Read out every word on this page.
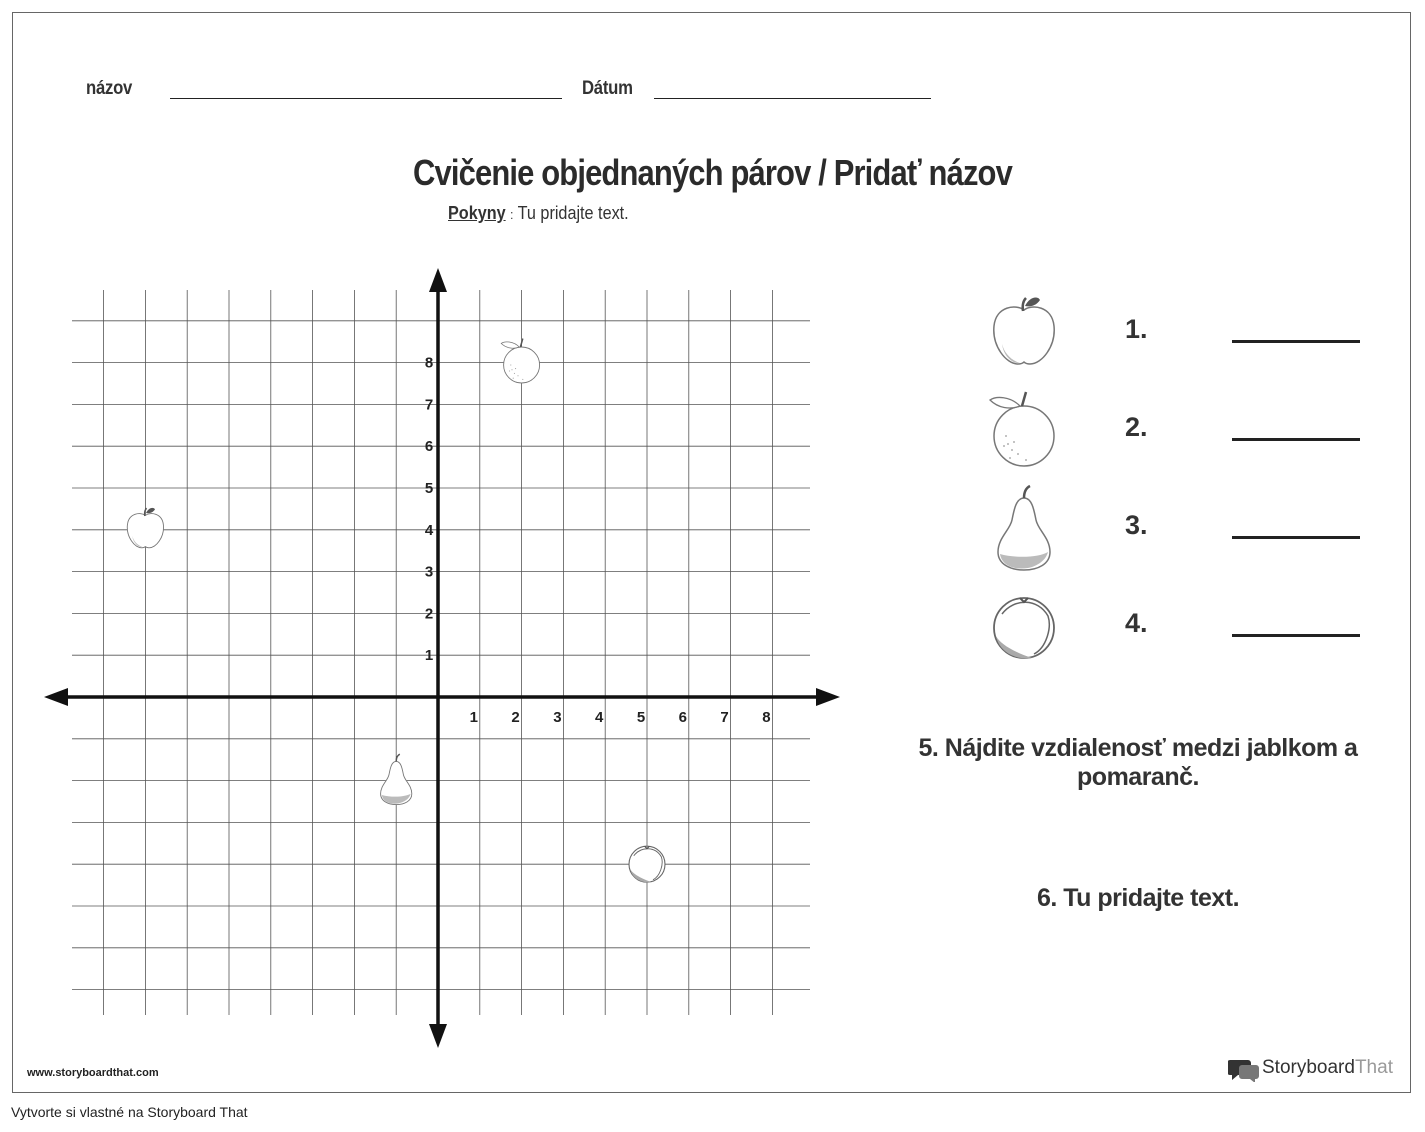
názov	Dátum
Cvičenie objednaných párov / Pridať názov
Pokyny : Tu pridajte text.
1 2 3 4 5 6 7 8
1
2
3
4
5
6
7
8
1.
2.
3.
4.
5. Nájdite vzdialenosť medzi jablkom a pomaranč.
6. Tu pridajte text.
www.storyboardthat.com	StoryboardThat
Vytvorte si vlastné na Storyboard That
